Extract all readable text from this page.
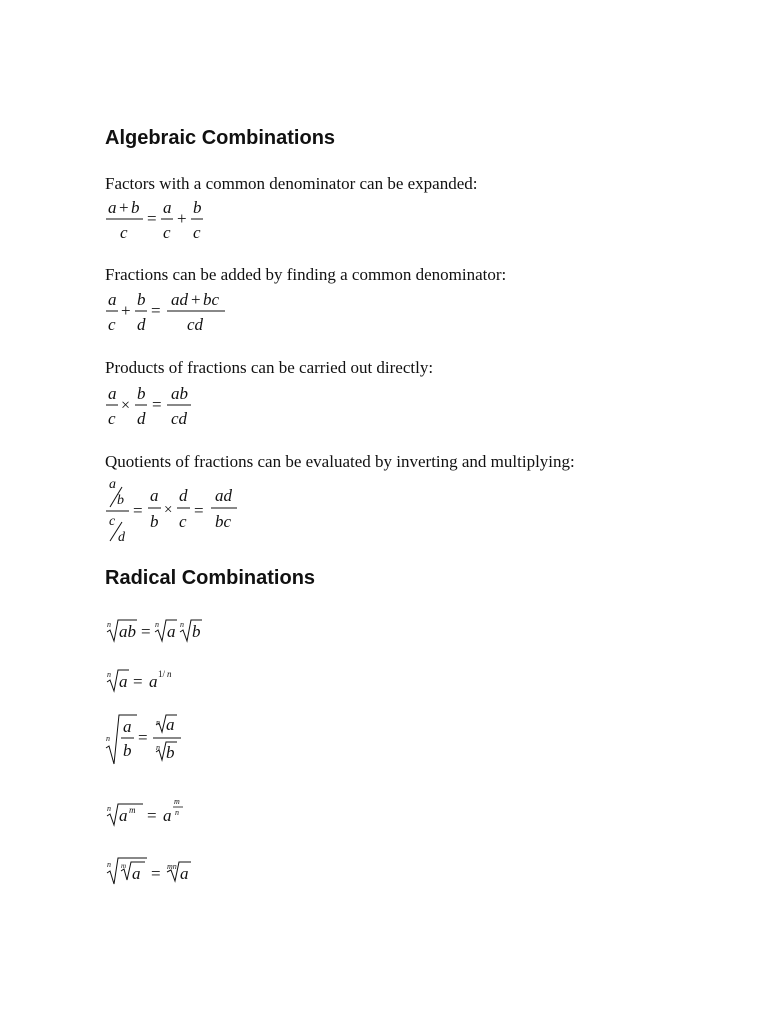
Algebraic Combinations
Factors with a common denominator can be expanded:
a + b
c
=
a
c
+
b
c
Fractions can be added by finding a common denominator:
a
c
+
b
d
=
ad + bc
cd
Products of fractions can be carried out directly:
a
c
×
b
d
=
ab
cd
Quotients of fractions can be evaluated by inverting and multiplying:
a
b
c
d
=
a
b
×
d
c
=
ad
bc
Radical Combinations
n ab = n a n b
n a = a 1/ n
n
a
b
=
n a
n b
n a m = a
m
n
n m a = mn a
